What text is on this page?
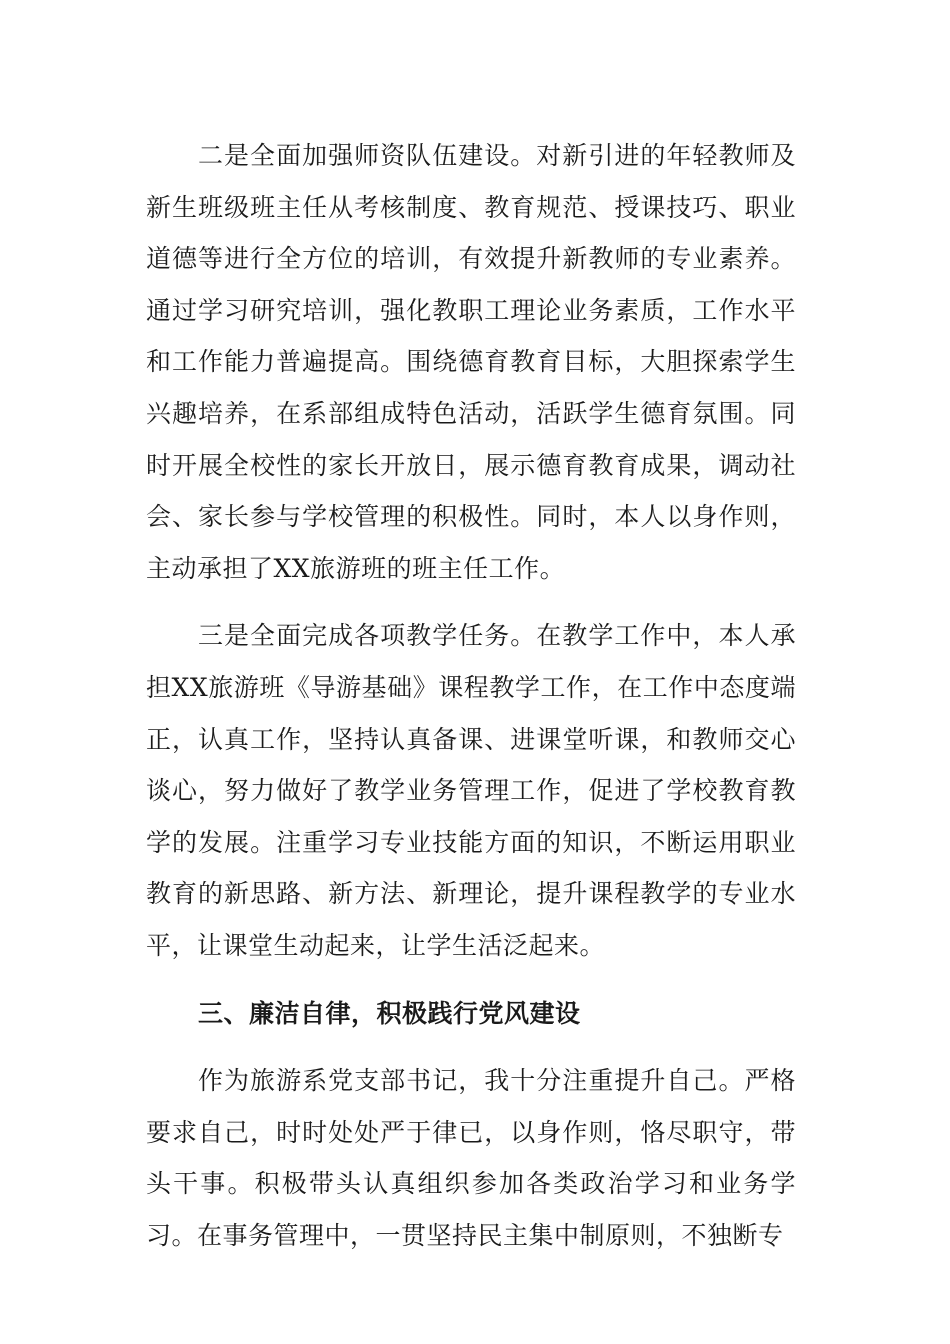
二是全面加强师资队伍建设。对新引进的年轻教师及新生班级班主任从考核制度、教育规范、授课技巧、职业道德等进行全方位的培训，有效提升新教师的专业素养。通过学习研究培训，强化教职工理论业务素质，工作水平和工作能力普遍提高。围绕德育教育目标，大胆探索学生兴趣培养，在系部组成特色活动，活跃学生德育氛围。同时开展全校性的家长开放日，展示德育教育成果，调动社会、家长参与学校管理的积极性。同时，本人以身作则，主动承担了XX旅游班的班主任工作。

三是全面完成各项教学任务。在教学工作中，本人承担XX旅游班《导游基础》课程教学工作，在工作中态度端正，认真工作，坚持认真备课、进课堂听课，和教师交心谈心，努力做好了教学业务管理工作，促进了学校教育教学的发展。注重学习专业技能方面的知识，不断运用职业教育的新思路、新方法、新理论，提升课程教学的专业水平，让课堂生动起来，让学生活泛起来。

三、廉洁自律，积极践行党风建设

作为旅游系党支部书记，我十分注重提升自己。严格要求自己，时时处处严于律已，以身作则，恪尽职守，带头干事。积极带头认真组织参加各类政治学习和业务学习。在事务管理中，一贯坚持民主集中制原则，不独断专
